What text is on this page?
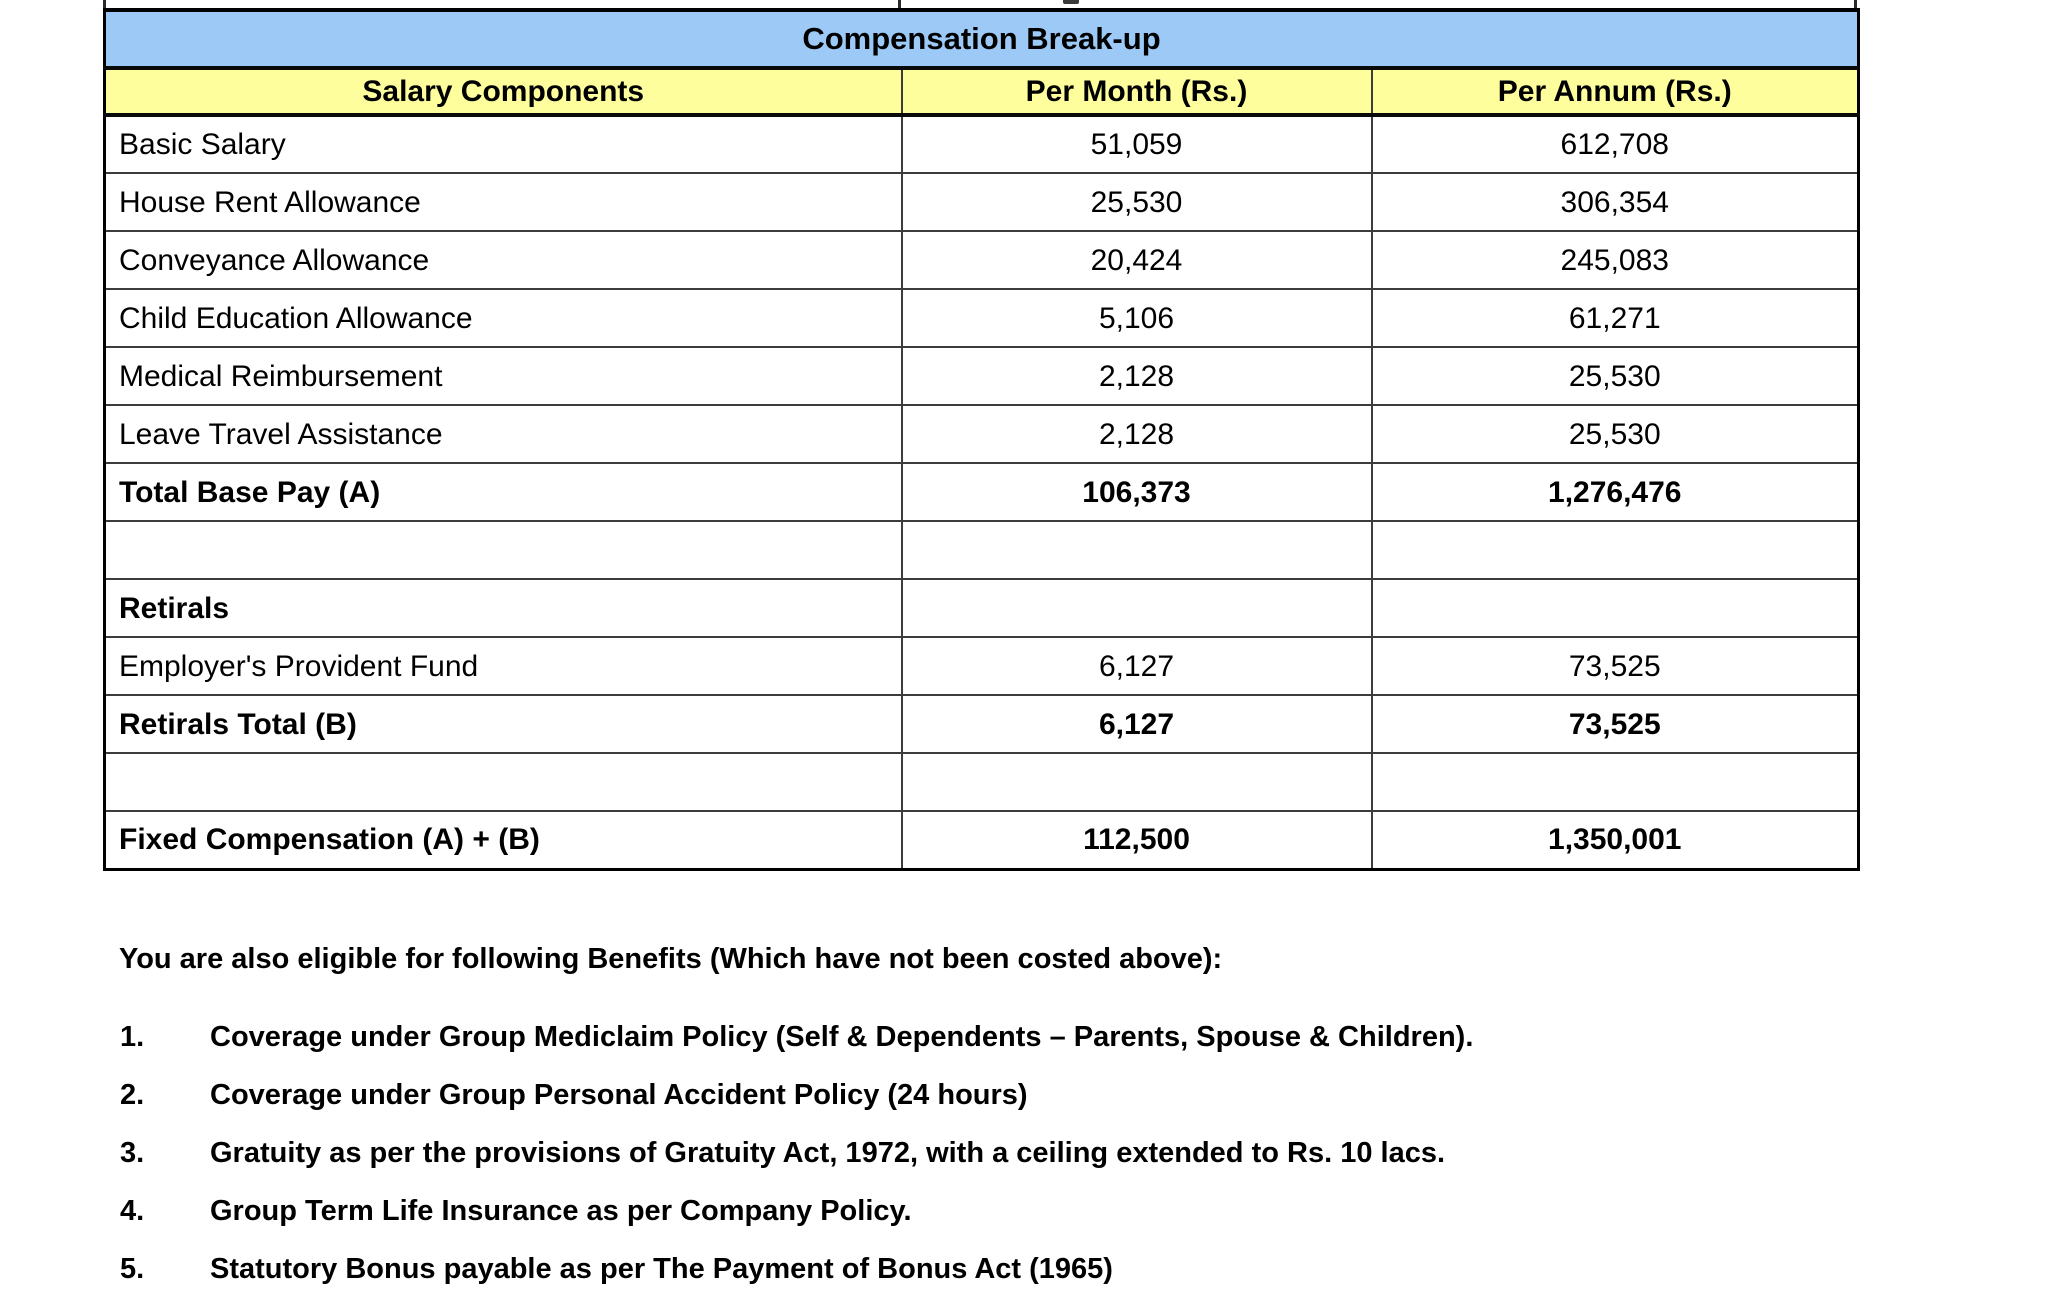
Compensation Break-up		
Salary Components	Per Month (Rs.)	Per Annum (Rs.)
Basic Salary	51,059	612,708
House Rent Allowance	25,530	306,354
Conveyance Allowance	20,424	245,083
Child Education Allowance	5,106	61,271
Medical Reimbursement	2,128	25,530
Leave Travel Assistance	2,128	25,530
Total Base Pay (A)	106,373	1,276,476

Retirals		
Employer's Provident Fund	6,127	73,525
Retirals Total (B)	6,127	73,525

Fixed Compensation (A) + (B)	112,500	1,350,001

You are also eligible for following Benefits (Which have not been costed above):

1.	Coverage under Group Mediclaim Policy (Self & Dependents – Parents, Spouse & Children).
2.	Coverage under Group Personal Accident Policy (24 hours)
3.	Gratuity as per the provisions of Gratuity Act, 1972, with a ceiling extended to Rs. 10 lacs.
4.	Group Term Life Insurance as per Company Policy.
5.	Statutory Bonus payable as per The Payment of Bonus Act (1965)
